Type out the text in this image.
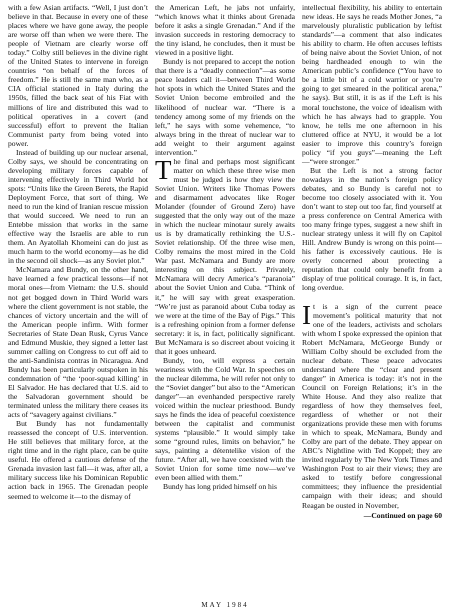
with a few Asian artifacts. “Well, I just don’t believe in that. Because in every one of these places where we have gone away, the people are worse off than when we were there. The people of Vietnam are clearly worse off today.” Colby still believes in the divine right of the United States to intervene in foreign countries “on behalf of the forces of freedom.” He is still the same man who, as a CIA official stationed in Italy during the 1950s, filled the back seat of his Fiat with millions of lire and distributed this wad to political operatives in a covert (and successful) effort to prevent the Italian Communist party from being voted into power.

Instead of building up our nuclear arsenal, Colby says, we should be concentrating on developing military forces capable of intervening effectively in Third World hot spots: “Units like the Green Berets, the Rapid Deployment Force, that sort of thing. We need to run the kind of Iranian rescue mission that would succeed. We need to run an Entebbe mission that works in the same effective way the Israelis are able to run them. An Ayatollah Khomeini can do just as much harm to the world economy—as he did in the second oil shock—as any Soviet plot.”

McNamara and Bundy, on the other hand, have learned a few practical lessons—if not moral ones—from Vietnam: the U.S. should not get bogged down in Third World wars where the client government is not stable, the chances of victory uncertain and the will of the American people infirm. With former Secretaries of State Dean Rusk, Cyrus Vance and Edmund Muskie, they signed a letter last summer calling on Congress to cut off aid to the anti-Sandinista contras in Nicaragua. And Bundy has been particularly outspoken in his condemnation of “the ‘poor-squad killing’ in El Salvador. He has declared that U.S. aid to the Salvadoran government should be terminated unless the military there ceases its acts of “savagery against civilians.”

But Bundy has not fundamentally reassessed the concept of U.S. intervention. He still believes that military force, at the right time and in the right place, can be quite useful. He offered a cautious defense of the Grenada invasion last fall—it was, after all, a military success like his Dominican Republic action back in 1965. The Grenadan people seemed to welcome it—to the dismay of

the American Left, he jabs not unfairly, “which knows what it thinks about Grenada before it asks a single Grenadan.” And if the invasion succeeds in restoring democracy to the tiny island, he concludes, then it must be viewed in a positive light.

Bundy is not prepared to accept the notion that there is a “deadly connection”—as some peace leaders call it—between Third World hot spots in which the United States and the Soviet Union become embroiled and the likelihood of nuclear war. “There is a tendency among some of my friends on the left,” he says with some vehemence, “to always bring in the threat of nuclear war to add weight to their argument against intervention.”

The final and perhaps most significant matter on which these three wise men must be judged is how they view the Soviet Union. Writers like Thomas Powers and disarmament advocates like Roger Molander (founder of Ground Zero) have suggested that the only way out of the maze in which the nuclear minotaur surely awaits us is by dramatically rethinking the U.S.-Soviet relationship. Of the three wise men, Colby remains the most mired in the Cold War past. McNamara and Bundy are more interesting on this subject. Privately, McNamara will decry America’s “paranoia” about the Soviet Union and Cuba. “Think of it,” he will say with great exasperation. “We’re just as paranoid about Cuba today as we were at the time of the Bay of Pigs.” This is a refreshing opinion from a former defense secretary: it is, in fact, politically significant. But McNamara is so discreet about voicing it that it goes unheard.

Bundy, too, will express a certain weariness with the Cold War. In speeches on the nuclear dilemma, he will refer not only to the “Soviet danger” but also to the “American danger”—an evenhanded perspective rarely voiced within the nuclear priesthood. Bundy says he finds the idea of peaceful coexistence between the capitalist and communist systems “plausible.” It would simply take some “ground rules, limits on behavior,” he says, painting a détentelike vision of the future. “After all, we have coexisted with the Soviet Union for some time now—we’ve even been allied with them.”

Bundy has long prided himself on his

intellectual flexibility, his ability to entertain new ideas. He says he reads Mother Jones, “a marvelously pluralistic publication by leftist standards”—a comment that also indicates his ability to charm. He often accuses leftists of being naive about the Soviet Union, of not being hardheaded enough to win the American public’s confidence (“You have to be a little bit of a cold warrior or you’re going to get smeared in the political arena,” he says). But still, it is as if the Left is his moral touchstone, the voice of idealism with which he has always had to grapple. You know, he tells me one afternoon in his cluttered office at NYU, it would be a lot easier to improve this country’s foreign policy “if you guys”—meaning the Left—“were stronger.”

But the Left is not a strong factor nowadays in the nation’s foreign policy debates, and so Bundy is careful not to become too closely associated with it. You don’t want to step out too far, find yourself at a press conference on Central America with too many fringe types, suggest a new shift in nuclear strategy unless it will fly on Capitol Hill. Andrew Bundy is wrong on this point—his father is excessively cautious. He is overly concerned about protecting a reputation that could only benefit from a display of true political courage. It is, in fact, long overdue.

It is a sign of the current peace movement’s political maturity that not one of the leaders, activists and scholars with whom I spoke expressed the opinion that Robert McNamara, McGeorge Bundy or William Colby should be excluded from the nuclear debate. These peace advocates understand where the “clear and present danger” in America is today: it’s not in the Council on Foreign Relations; it’s in the White House. And they also realize that regardless of how they themselves feel, regardless of whether or not their organizations provide these men with forums in which to speak, McNamara, Bundy and Colby are part of the debate. They appear on ABC’s Nightline with Ted Koppel; they are invited regularly by The New York Times and Washington Post to air their views; they are asked to testify before congressional committees; they influence the presidential campaign with their ideas; and should Reagan be ousted in November,

—Continued on page 60
MAY 1984
